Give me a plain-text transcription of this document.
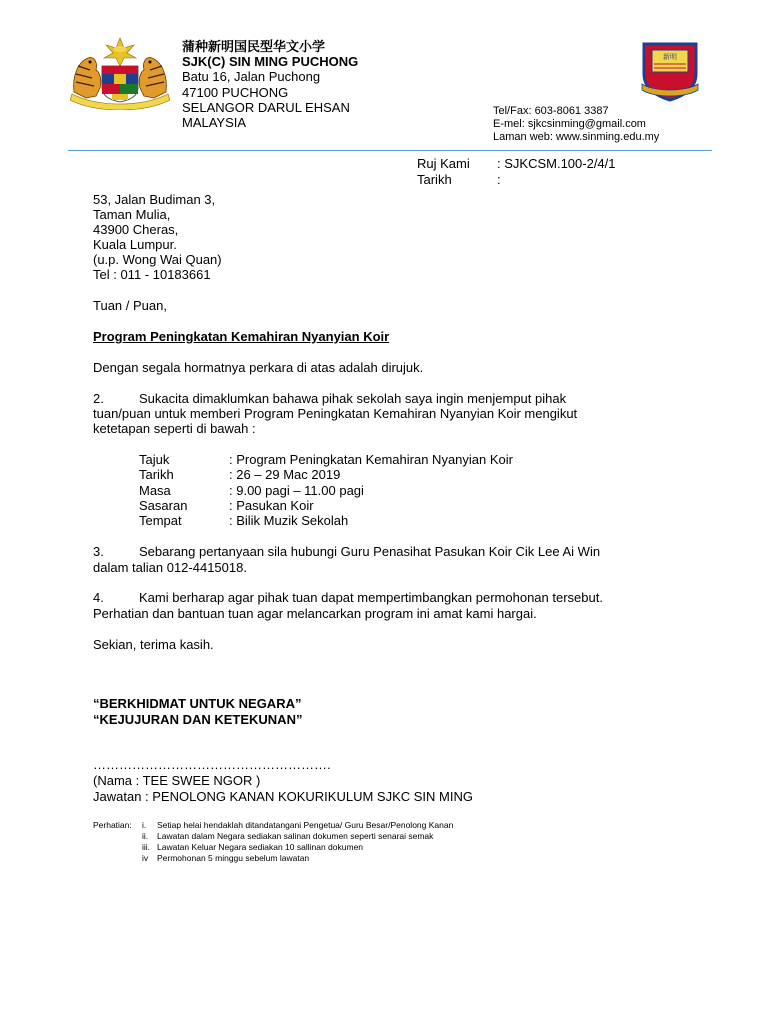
蒲种新明国民型华文小学
SJK(C) SIN MING PUCHONG
Batu 16, Jalan Puchong
47100 PUCHONG
SELANGOR DARUL EHSAN
MALAYSIA
新明
Tel/Fax: 603-8061 3387
E-mel: sjkcsinming@gmail.com
Laman web: www.sinming.edu.my
Ruj Kami : SJKCSM.100-2/4/1
Tarikh	:
53, Jalan Budiman 3,
Taman Mulia,
43900 Cheras,
Kuala Lumpur.
(u.p. Wong Wai Quan)
Tel : 011 - 10183661
Tuan / Puan,
Program Peningkatan Kemahiran Nyanyian Koir
Dengan segala hormatnya perkara di atas adalah dirujuk.
2.	Sukacita dimaklumkan bahawa pihak sekolah saya ingin menjemput pihak
tuan/puan untuk memberi Program Peningkatan Kemahiran Nyanyian Koir mengikut
ketetapan seperti di bawah :
Tajuk	: Program Peningkatan Kemahiran Nyanyian Koir
Tarikh	: 26 – 29 Mac 2019
Masa	: 9.00 pagi – 11.00 pagi
Sasaran	: Pasukan Koir
Tempat	: Bilik Muzik Sekolah
3.	Sebarang pertanyaan sila hubungi Guru Penasihat Pasukan Koir Cik Lee Ai Win
dalam talian 012-4415018.
4.	Kami berharap agar pihak tuan dapat mempertimbangkan permohonan tersebut.
Perhatian dan bantuan tuan agar melancarkan program ini amat kami hargai.
Sekian, terima kasih.
“BERKHIDMAT UNTUK NEGARA”
“KEJUJURAN DAN KETEKUNAN”
……………………………………………….
(Nama : TEE SWEE NGOR )
Jawatan : PENOLONG KANAN KOKURIKULUM SJKC SIN MING
Perhatian: i. Setiap helai hendaklah ditandatangani Pengetua/ Guru Besar/Penolong Kanan
ii. Lawatan dalam Negara sediakan salinan dokumen seperti senarai semak
iii. Lawatan Keluar Negara sediakan 10 sallinan dokumen
iv Permohonan 5 minggu sebelum lawatan
